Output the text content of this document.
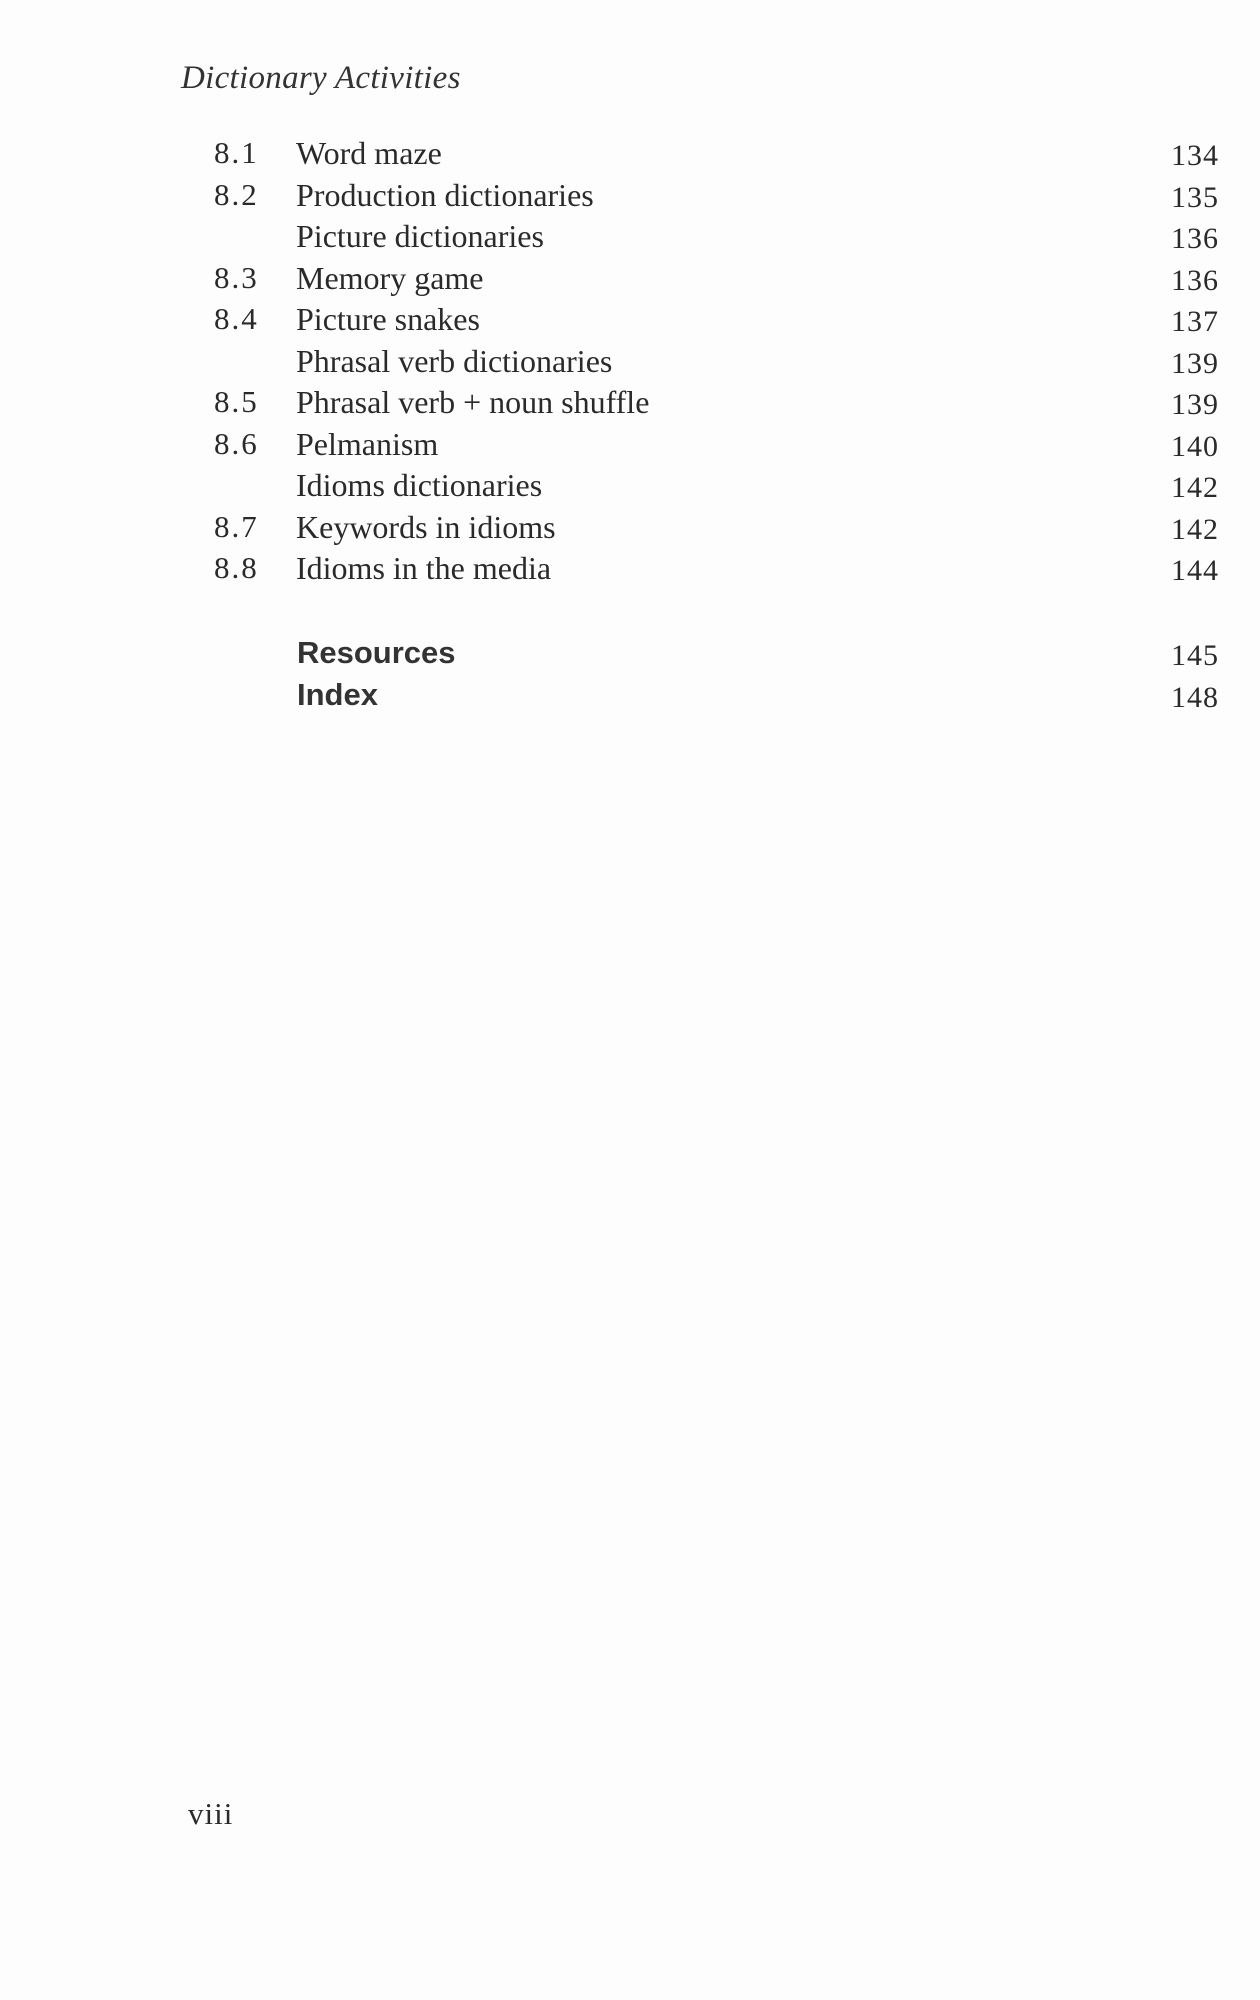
Dictionary Activities
8.1 Word maze	134
8.2 Production dictionaries	135
Picture dictionaries	136
8.3 Memory game	136
8.4 Picture snakes	137
Phrasal verb dictionaries	139
8.5 Phrasal verb + noun shuffle	139
8.6 Pelmanism	140
Idioms dictionaries	142
8.7 Keywords in idioms	142
8.8 Idioms in the media	144
Resources	145
Index	148
viii
